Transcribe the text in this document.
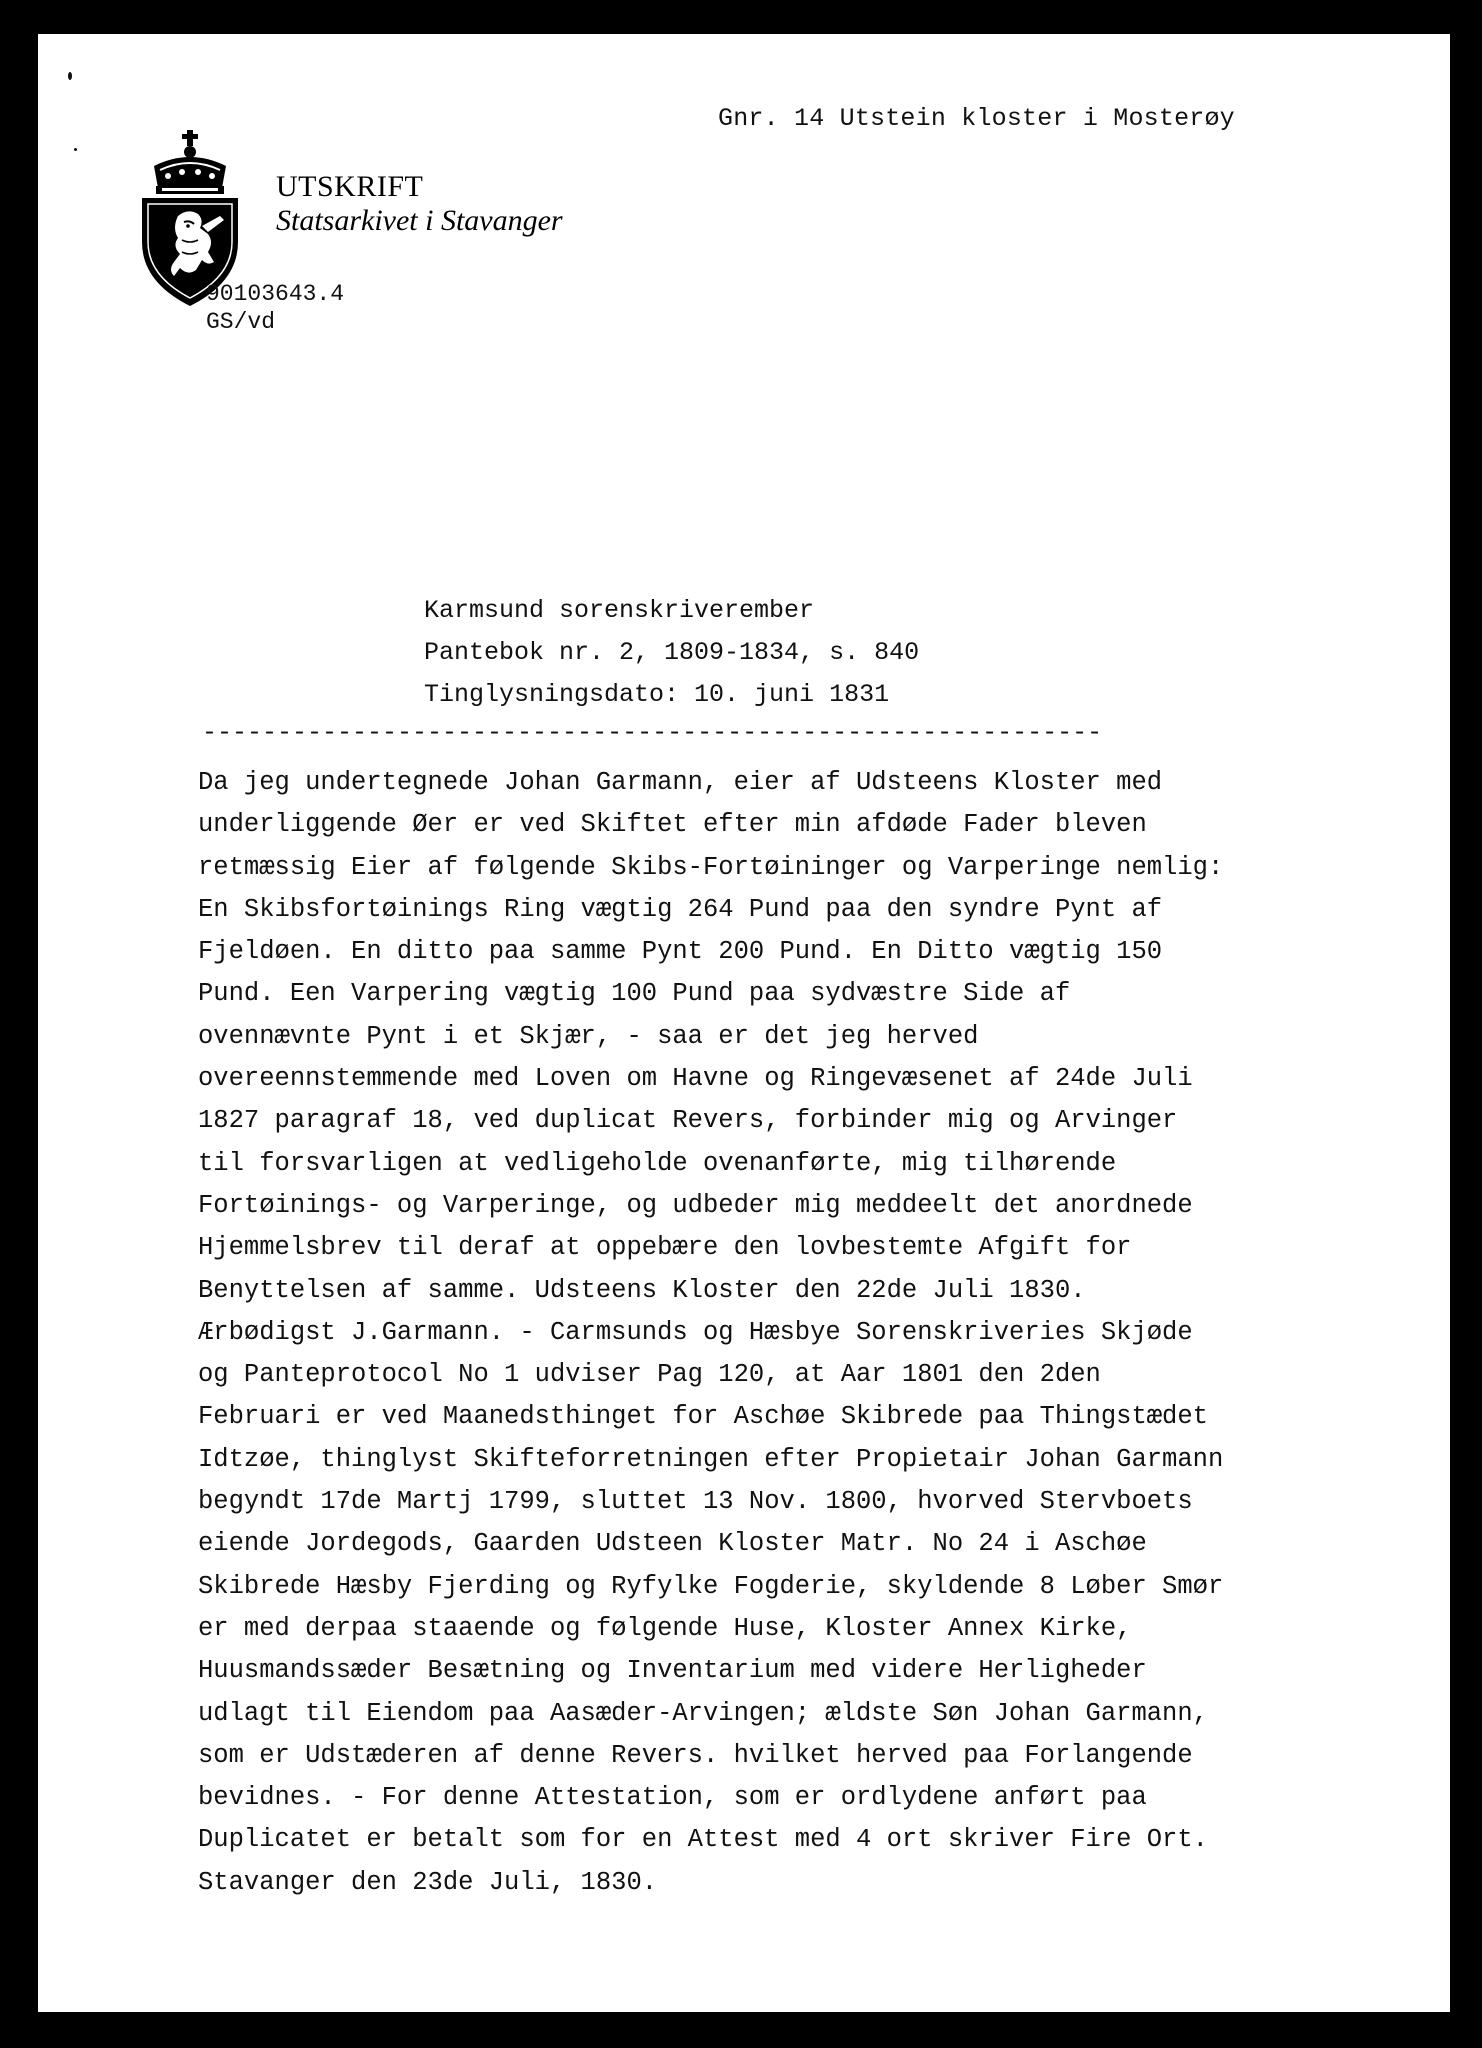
Gnr. 14 Utstein kloster i Mosterøy
UTSKRIFT
Statsarkivet i Stavanger
90103643.4
GS/vd
Karmsund sorenskriverember
Pantebok nr. 2, 1809-1834, s. 840
Tinglysningsdato: 10. juni 1831
------------------------------------------------------------
Da jeg undertegnede Johan Garmann, eier af Udsteens Kloster med
underliggende Øer er ved Skiftet efter min afdøde Fader bleven
retmæssig Eier af følgende Skibs-Fortøininger og Varperinge nemlig:
En Skibsfortøinings Ring vægtig 264 Pund paa den syndre Pynt af
Fjeldøen. En ditto paa samme Pynt 200 Pund. En Ditto vægtig 150
Pund. Een Varpering vægtig 100 Pund paa sydvæstre Side af
ovennævnte Pynt i et Skjær, - saa er det jeg herved
overeennstemmende med Loven om Havne og Ringevæsenet af 24de Juli
1827 paragraf 18, ved duplicat Revers, forbinder mig og Arvinger
til forsvarligen at vedligeholde ovenanførte, mig tilhørende
Fortøinings- og Varperinge, og udbeder mig meddeelt det anordnede
Hjemmelsbrev til deraf at oppebære den lovbestemte Afgift for
Benyttelsen af samme. Udsteens Kloster den 22de Juli 1830.
Ærbødigst J.Garmann. - Carmsunds og Hæsbye Sorenskriveries Skjøde
og Panteprotocol No 1 udviser Pag 120, at Aar 1801 den 2den
Februari er ved Maanedsthinget for Aschøe Skibrede paa Thingstædet
Idtzøe, thinglyst Skifteforretningen efter Propietair Johan Garmann
begyndt 17de Martj 1799, sluttet 13 Nov. 1800, hvorved Stervboets
eiende Jordegods, Gaarden Udsteen Kloster Matr. No 24 i Aschøe
Skibrede Hæsby Fjerding og Ryfylke Fogderie, skyldende 8 Løber Smør
er med derpaa staaende og følgende Huse, Kloster Annex Kirke,
Huusmandssæder Besætning og Inventarium med videre Herligheder
udlagt til Eiendom paa Aasæder-Arvingen; ældste Søn Johan Garmann,
som er Udstæderen af denne Revers. hvilket herved paa Forlangende
bevidnes. - For denne Attestation, som er ordlydene anført paa
Duplicatet er betalt som for en Attest med 4 ort skriver Fire Ort.
Stavanger den 23de Juli, 1830.
